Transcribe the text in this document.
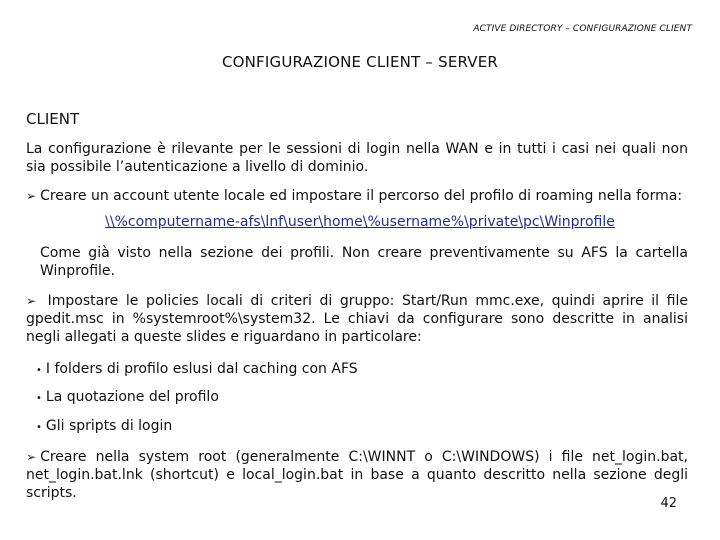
ACTIVE DIRECTORY – CONFIGURAZIONE CLIENT
CONFIGURAZIONE CLIENT – SERVER
CLIENT
La configurazione è rilevante per le sessioni di login nella WAN e in tutti i casi nei quali non sia possibile l’autenticazione a livello di dominio.
➢ Creare un account utente locale ed impostare il percorso del profilo di roaming nella forma:
\\%computername-afs\lnf\user\home\%username%\private\pc\Winprofile
Come già visto nella sezione dei profili. Non creare preventivamente su AFS la cartella Winprofile.
➢ Impostare le policies locali di criteri di gruppo: Start/Run mmc.exe, quindi aprire il file gpedit.msc in %systemroot%\system32. Le chiavi da configurare sono descritte in analisi negli allegati a queste slides e riguardano in particolare:
• I folders di profilo eslusi dal caching con AFS
• La quotazione del profilo
• Gli spripts di login
➢ Creare nella system root (generalmente C:\WINNT o C:\WINDOWS) i file net_login.bat, net_login.bat.lnk (shortcut) e local_login.bat in base a quanto descritto nella sezione degli scripts.
42
